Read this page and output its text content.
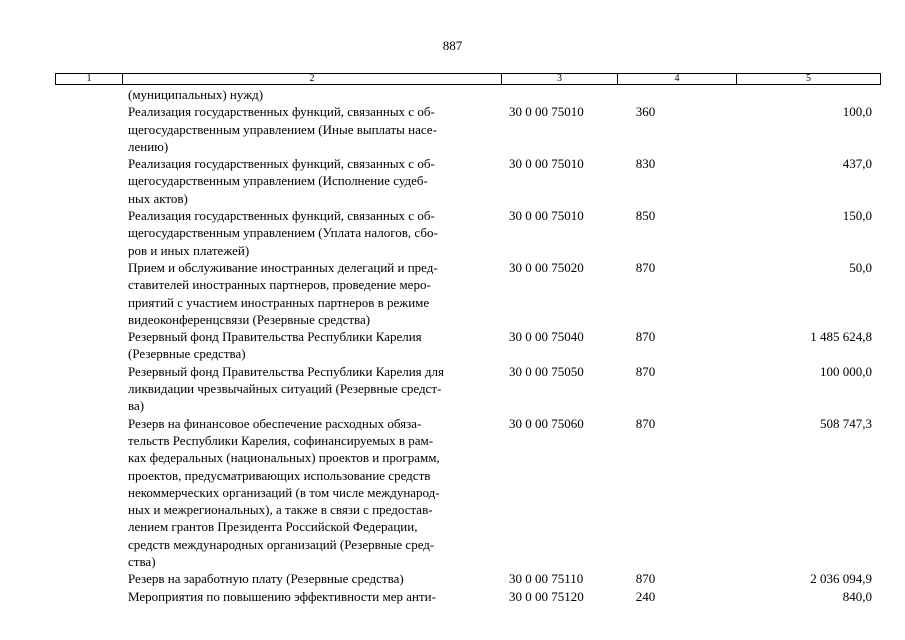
887
1	2	3	4	5
(муниципальных) нужд)
Реализация государственных функций, связанных с об-
щегосударственным управлением (Иные выплаты насе-
лению)
30 0 00 75010	360	100,0
Реализация государственных функций, связанных с об-
щегосударственным управлением (Исполнение судеб-
ных актов)
30 0 00 75010	830	437,0
Реализация государственных функций, связанных с об-
щегосударственным управлением (Уплата налогов, сбо-
ров и иных платежей)
30 0 00 75010	850	150,0
Прием и обслуживание иностранных делегаций и пред-
ставителей иностранных партнеров, проведение меро-
приятий с участием иностранных партнеров в режиме
видеоконференцсвязи (Резервные средства)
30 0 00 75020	870	50,0
Резервный фонд Правительства Республики Карелия
(Резервные средства)
30 0 00 75040	870	1 485 624,8
Резервный фонд Правительства Республики Карелия для
ликвидации чрезвычайных ситуаций (Резервные средст-
ва)
30 0 00 75050	870	100 000,0
Резерв на финансовое обеспечение расходных обяза-
тельств Республики Карелия, софинансируемых в рам-
ках федеральных (национальных) проектов и программ,
проектов, предусматривающих использование средств
некоммерческих организаций (в том числе международ-
ных и межрегиональных), а также в связи с предостав-
лением грантов Президента Российской Федерации,
средств международных организаций (Резервные сред-
ства)
30 0 00 75060	870	508 747,3
Резерв на заработную плату (Резервные средства)	30 0 00 75110	870	2 036 094,9
Мероприятия по повышению эффективности мер анти-	30 0 00 75120	240	840,0
